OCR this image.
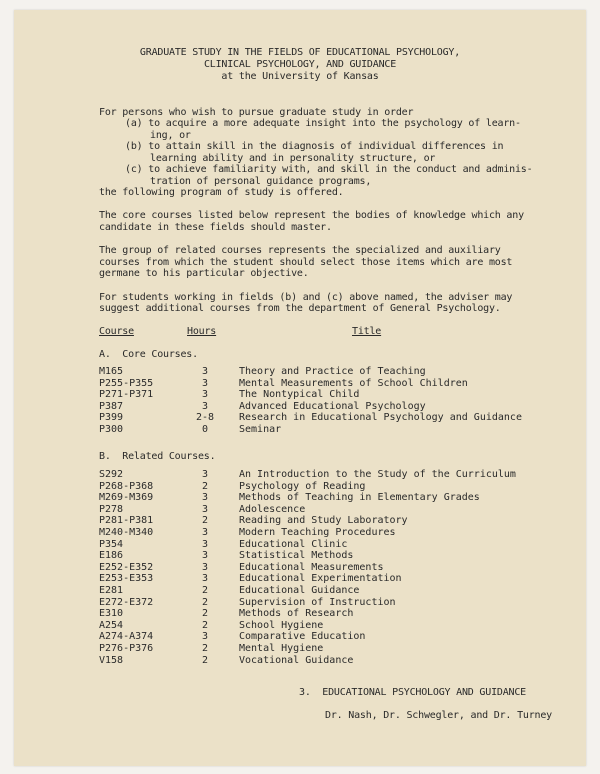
GRADUATE STUDY IN THE FIELDS OF EDUCATIONAL PSYCHOLOGY,
CLINICAL PSYCHOLOGY, AND GUIDANCE
at the University of Kansas
For persons who wish to pursue graduate study in order
(a) to acquire a more adequate insight into the psychology of learn-
ing, or
(b) to attain skill in the diagnosis of individual differences in
learning ability and in personality structure, or
(c) to achieve familiarity with, and skill in the conduct and adminis-
tration of personal guidance programs,
the following program of study is offered.
The core courses listed below represent the bodies of knowledge which any
candidate in these fields should master.
The group of related courses represents the specialized and auxiliary
courses from which the student should select those items which are most
germane to his particular objective.
For students working in fields (b) and (c) above named, the adviser may
suggest additional courses from the department of General Psychology.
Course	Hours	Title
A.  Core Courses.
M165	3	Theory and Practice of Teaching
P255-P355	3	Mental Measurements of School Children
P271-P371	3	The Nontypical Child
P387	3	Advanced Educational Psychology
P399	2-8 Research in Educational Psychology and Guidance
P300	0	Seminar
B.  Related Courses.
S292	3	An Introduction to the Study of the Curriculum
P268-P368	2	Psychology of Reading
M269-M369	3	Methods of Teaching in Elementary Grades
P278	3	Adolescence
P281-P381	2	Reading and Study Laboratory
M240-M340	3	Modern Teaching Procedures
P354	3	Educational Clinic
E186	3	Statistical Methods
E252-E352	3	Educational Measurements
E253-E353	3	Educational Experimentation
E281	2	Educational Guidance
E272-E372	2	Supervision of Instruction
E310	2	Methods of Research
A254	2	School Hygiene
A274-A374	3	Comparative Education
P276-P376	2	Mental Hygiene
V158	2	Vocational Guidance
3.  EDUCATIONAL PSYCHOLOGY AND GUIDANCE
Dr. Nash, Dr. Schwegler, and Dr. Turney
